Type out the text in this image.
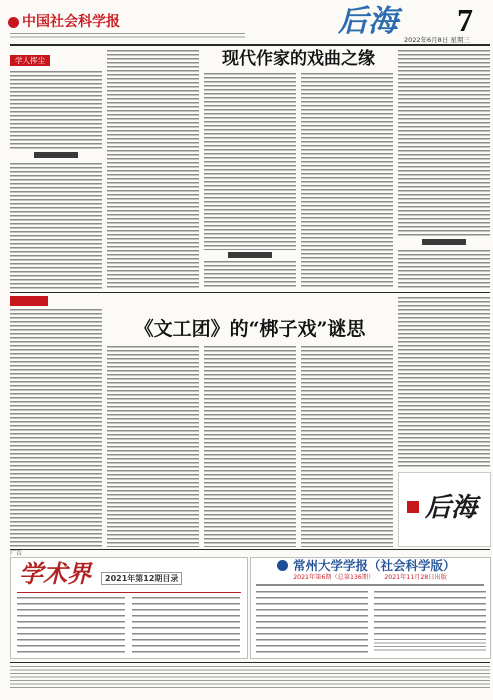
中国社会科学报	后海 7
2022年6月8日 星期三
学人挥尘	现代作家的戏曲之缘
《文工团》的“梆子戏”谜思
后海
广告
学术界	2021年第12期目录
常州大学学报（社会科学版）
2021年第6期（总第136期） 　 2021年11月28日出版
